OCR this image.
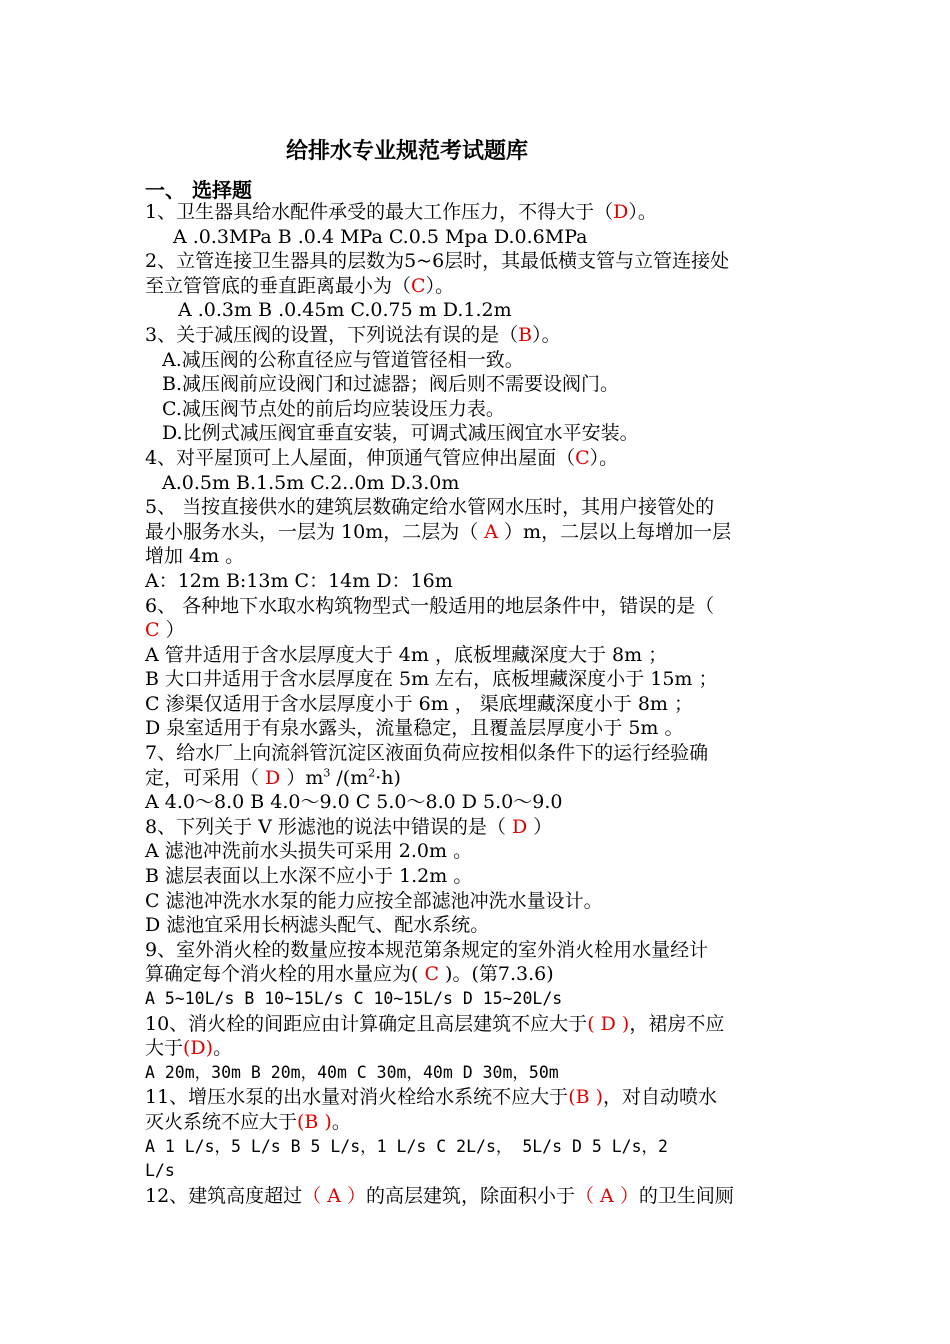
给排水专业规范考试题库
一、 选择题
1、卫生器具给水配件承受的最大工作压力，不得大于（D）。
A .0.3MPa B .0.4 MPa C.0.5 Mpa D.0.6MPa
2、立管连接卫生器具的层数为5~6层时，其最低横支管与立管连接处
至立管管底的垂直距离最小为（C）。
A .0.3m B .0.45m C.0.75 m D.1.2m
3、关于减压阀的设置，下列说法有误的是（B）。
A.减压阀的公称直径应与管道管径相一致。
B.减压阀前应设阀门和过滤器；阀后则不需要设阀门。
C.减压阀节点处的前后均应装设压力表。
D.比例式减压阀宜垂直安装，可调式减压阀宜水平安装。
4、对平屋顶可上人屋面，伸顶通气管应伸出屋面（C）。
A.0.5m B.1.5m C.2..0m D.3.0m
5、 当按直接供水的建筑层数确定给水管网水压时，其用户接管处的
最小服务水头，一层为 10m，二层为（ A ）m，二层以上每增加一层
增加 4m 。
A：12m B:13m C：14m D：16m
6、 各种地下水取水构筑物型式一般适用的地层条件中，错误的是（
C ）
A 管井适用于含水层厚度大于 4m ，底板埋藏深度大于 8m ；
B 大口井适用于含水层厚度在 5m 左右，底板埋藏深度小于 15m ；
C 渗渠仅适用于含水层厚度小于 6m ， 渠底埋藏深度小于 8m ；
D 泉室适用于有泉水露头，流量稳定，且覆盖层厚度小于 5m 。
7、给水厂上向流斜管沉淀区液面负荷应按相似条件下的运行经验确
定，可采用（ D ）$m^3$ $/(m^2\cdot h)$
A 4.0～8.0 B 4.0～9.0 C 5.0～8.0 D 5.0～9.0
8、下列关于 V 形滤池的说法中错误的是（ D ）
A 滤池冲洗前水头损失可采用 2.0m 。
B 滤层表面以上水深不应小于 1.2m 。
C 滤池冲洗水水泵的能力应按全部滤池冲洗水量设计。
D 滤池宜采用长柄滤头配气、配水系统。
9、室外消火栓的数量应按本规范第条规定的室外消火栓用水量经计
算确定每个消火栓的用水量应为( C )。(第7.3.6)
A 5~10L/s B 10~15L/s C 10~15L/s D 15~20L/s
10、消火栓的间距应由计算确定且高层建筑不应大于( D )，裙房不应
大于(D)。
A 20m，30m B 20m，40m C 30m，40m D 30m，50m
11、增压水泵的出水量对消火栓给水系统不应大于(B )，对自动喷水
灭火系统不应大于(B )。
A 1 L/s，5 L/s B 5 L/s，1 L/s C 2L/s， 5L/s D 5 L/s，2
L/s
12、建筑高度超过（ A ）的高层建筑，除面积小于（ A ）的卫生间厕
